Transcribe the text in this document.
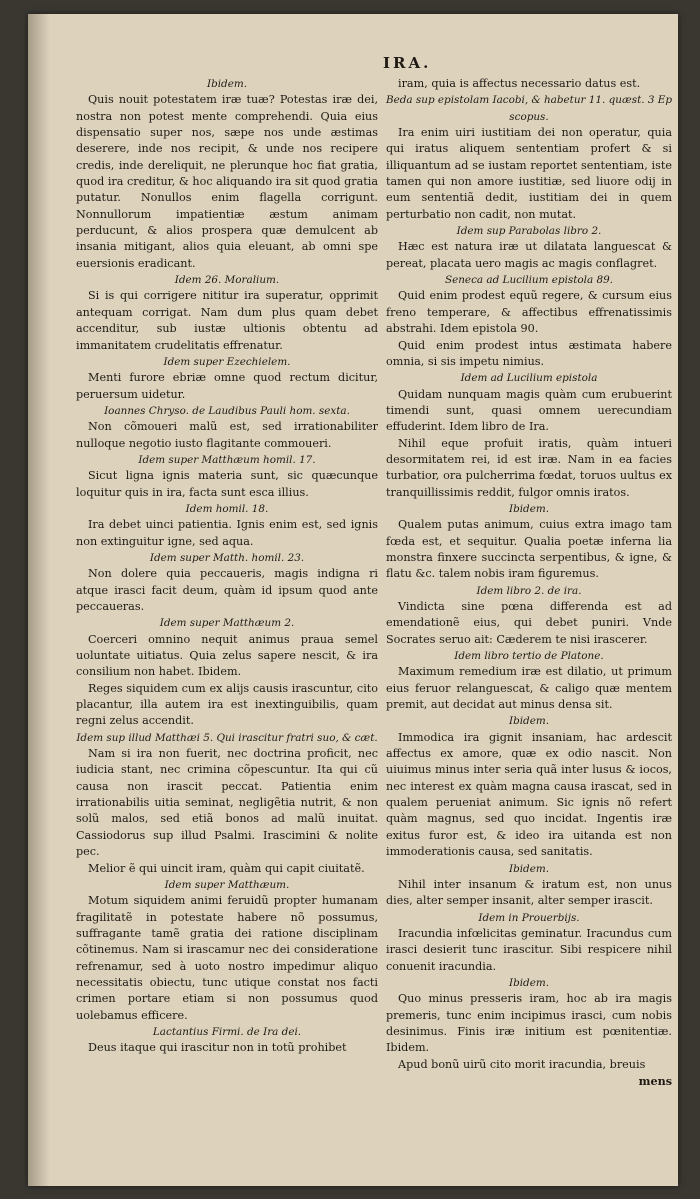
IRA.

Ibidem.

Quis nouit potestatem iræ tuæ? Potestas iræ dei, nostra non potest mente comprehendi. Quia eius dispensatio super nos, sæpe nos unde æstimas deserere, inde nos recipit, & unde nos recipere credis, inde dereliquit, ne plerunque hoc fiat gratia, quod ira creditur, & hoc aliquando ira sit quod gratia putatur. Nonullos enim flagella corrigunt. Nonnullorum impatientiæ æstum animam perducunt, & alios prospera quæ demulcent ab insania mitigant, alios quia eleuant, ab omni spe euersionis eradicant.

Idem 26. Moralium.

Si is qui corrigere nititur ira superatur, opprimit antequam corrigat. Nam dum plus quam debet accenditur, sub iustæ ultionis obtentu ad immanitatem crudelitatis effrenatur.

Idem super Ezechielem.

Menti furore ebriæ omne quod rectum dicitur, peruersum uidetur.

Ioannes Chryso. de Laudibus Pauli hom. sexta.

Non cõmoueri malũ est, sed irrationabiliter nulloque negotio iusto flagitante commoueri.

Idem super Matthæum homil. 17.

Sicut ligna ignis materia sunt, sic quæcunque loquitur quis in ira, facta sunt esca illius.

Idem homil. 18.

Ira debet uinci patientia. Ignis enim est, sed ignis non extinguitur igne, sed aqua.

Idem super Matth. homil. 23.

Non dolere quia peccaueris, magis indigna ri atque irasci facit deum, quàm id ipsum quod ante peccaueras.

Idem super Matthæum 2.

Coerceri omnino nequit animus praua semel uoluntate uitiatus. Quia zelus sapere nescit, & ira consilium non habet. Ibidem.

Reges siquidem cum ex alijs causis irascuntur, cito placantur, illa autem ira est inextinguibilis, quam regni zelus accendit.

Idem sup illud Matthæi 5. Qui irascitur fratri suo, & cæt.

Nam si ira non fuerit, nec doctrina proficit, nec iudicia stant, nec crimina cõpescuntur. Ita qui cũ causa non irascit peccat. Patientia enim irrationabilis uitia seminat, negligẽtia nutrit, & non solũ malos, sed etiã bonos ad malũ inuitat. Cassiodorus sup illud Psalmi. Irascimini & nolite pec.

Melior ẽ qui uincit iram, quàm qui capit ciuitatẽ.

Idem super Matthæum.

Motum siquidem animi feruidũ propter humanam fragilitatẽ in potestate habere nõ possumus, suffragante tamẽ gratia dei ratione disciplinam cõtinemus. Nam si irascamur nec dei consideratione refrenamur, sed à uoto nostro impedimur aliquo necessitatis obiectu, tunc utique constat nos facti crimen portare etiam si non possumus quod uolebamus efficere.

Lactantius Firmi. de Ira dei.

Deus itaque qui irascitur non in totũ prohibet

iram, quia is affectus necessario datus est.

Beda sup epistolam Iacobi, & habetur 11. quæst. 3 Ep scopus.

Ira enim uiri iustitiam dei non operatur, quia qui iratus aliquem sententiam profert & si illiquantum ad se iustam reportet sententiam, iste tamen qui non amore iustitiæ, sed liuore odij in eum sententiã dedit, iustitiam dei in quem perturbatio non cadit, non mutat.

Idem sup Parabolas libro 2.

Hæc est natura iræ ut dilatata languescat & pereat, placata uero magis ac magis conflagret.

Seneca ad Lucilium epistola 89.

Quid enim prodest equũ regere, & cursum eius freno temperare, & affectibus effrenatissimis abstrahi. Idem epistola 90.

Quid enim prodest intus æstimata habere omnia, si sis impetu nimius.

Idem ad Lucilium epistola

Quidam nunquam magis quàm cum erubuerint timendi sunt, quasi omnem uerecundiam effuderint. Idem libro de Ira.

Nihil eque profuit iratis, quàm intueri desormitatem rei, id est iræ. Nam in ea facies turbatior, ora pulcherrima fœdat, toruos uultus ex tranquillissimis reddit, fulgor omnis iratos.

Ibidem.

Qualem putas animum, cuius extra imago tam fœda est, et sequitur. Qualia poetæ inferna lia monstra finxere succincta serpentibus, & igne, & flatu &c. talem nobis iram figuremus.

Idem libro 2. de ira.

Vindicta sine pœna differenda est ad emendationẽ eius, qui debet puniri. Vnde Socrates seruo ait: Cæderem te nisi irascerer.

Idem libro tertio de Platone.

Maximum remedium iræ est dilatio, ut primum eius feruor relanguescat, & caligo quæ mentem premit, aut decidat aut minus densa sit.

Ibidem.

Immodica ira gignit insaniam, hac ardescit affectus ex amore, quæ ex odio nascit. Non uiuimus minus inter seria quã inter lusus & iocos, nec interest ex quàm magna causa irascat, sed in qualem perueniat animum. Sic ignis nõ refert quàm magnus, sed quo incidat. Ingentis iræ exitus furor est, & ideo ira uitanda est non immoderationis causa, sed sanitatis.

Ibidem.

Nihil inter insanum & iratum est, non unus dies, alter semper insanit, alter semper irascit.

Idem in Prouerbijs.

Iracundia infœlicitas geminatur. Iracundus cum irasci desierit tunc irascitur. Sibi respicere nihil conuenit iracundia.

Ibidem.

Quo minus presseris iram, hoc ab ira magis premeris, tunc enim incipimus irasci, cum nobis desinimus. Finis iræ initium est pœnitentiæ. Ibidem.

Apud bonũ uirũ cito morit iracundia, breuis

mens
